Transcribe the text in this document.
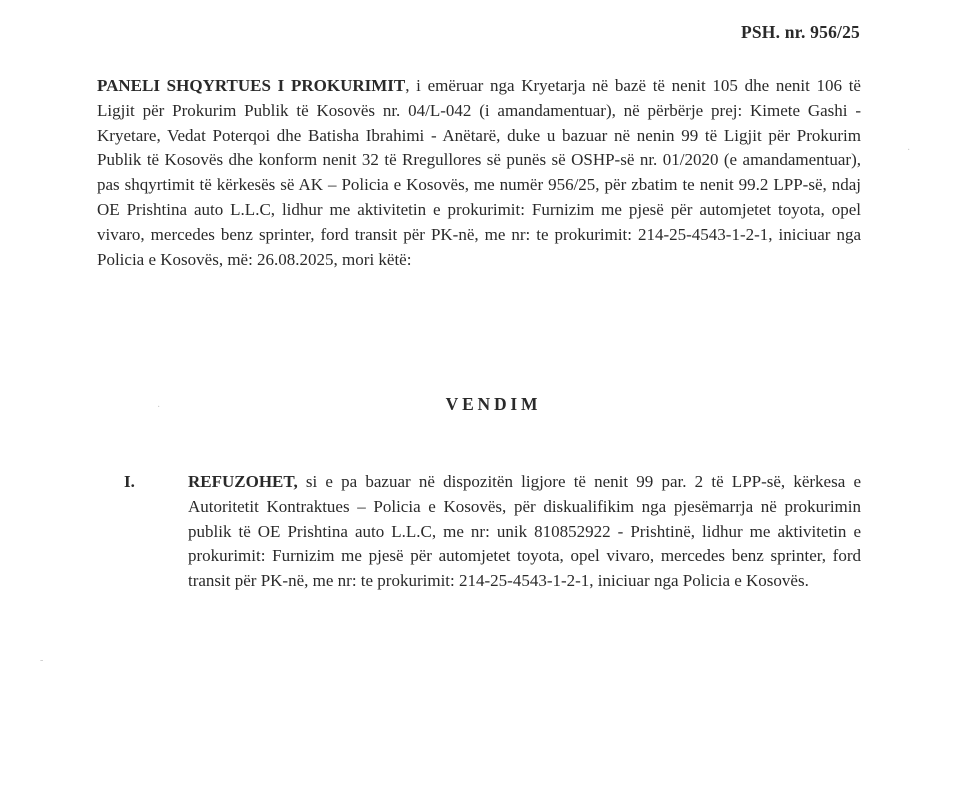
PSH. nr. 956/25

PANELI SHQYRTUES I PROKURIMIT, i emëruar nga Kryetarja në bazë të nenit 105 dhe nenit 106 të Ligjit për Prokurim Publik të Kosovës nr. 04/L-042 (i amandamentuar), në përbërje prej: Kimete Gashi - Kryetare, Vedat Poterqoi dhe Batisha Ibrahimi - Anëtarë, duke u bazuar në nenin 99 të Ligjit për Prokurim Publik të Kosovës dhe konform nenit 32 të Rregullores së punës së OSHP-së nr. 01/2020 (e amandamentuar), pas shqyrtimit të kërkesës së AK – Policia e Kosovës, me numër 956/25, për zbatim te nenit 99.2 LPP-së, ndaj OE Prishtina auto L.L.C, lidhur me aktivitetin e prokurimit: Furnizim me pjesë për automjetet toyota, opel vivaro, mercedes benz sprinter, ford transit për PK-në, me nr: te prokurimit: 214-25-4543-1-2-1, iniciuar nga Policia e Kosovës, më: 26.08.2025, mori këtë:

VENDIM
I.	REFUZOHET, si e pa bazuar në dispozitën ligjore të nenit 99 par. 2 të LPP-së, kërkesa e Autoritetit Kontraktues – Policia e Kosovës, për diskualifikim nga pjesëmarrja në prokurimin publik të OE Prishtina auto L.L.C, me nr: unik 810852922 - Prishtinë, lidhur me aktivitetin e prokurimit: Furnizim me pjesë për automjetet toyota, opel vivaro, mercedes benz sprinter, ford transit për PK-në, me nr: te prokurimit: 214-25-4543-1-2-1, iniciuar nga Policia e Kosovës.

·
-
·
